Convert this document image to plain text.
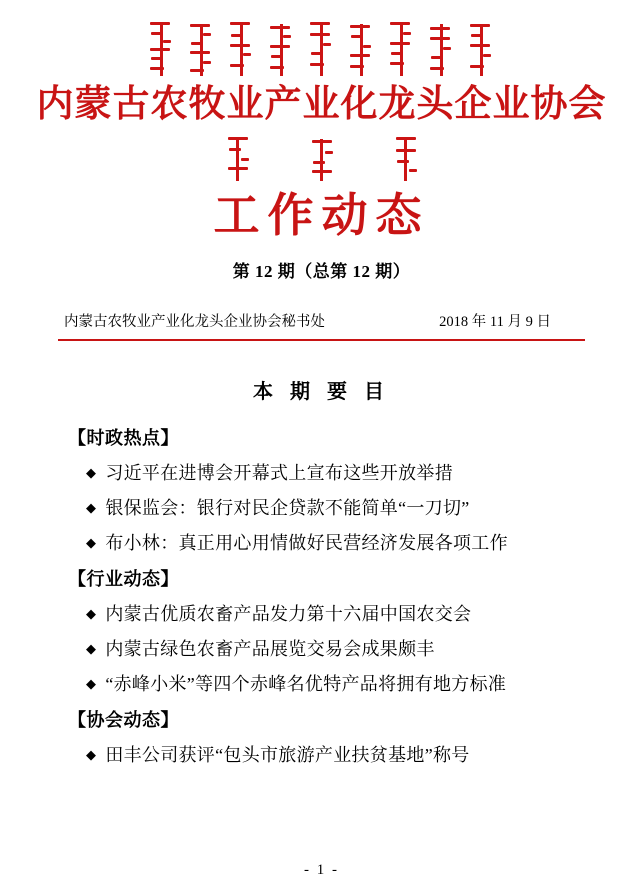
内蒙古农牧业产业化龙头企业协会
工作动态
第 12 期（总第 12 期）
内蒙古农牧业产业化龙头企业协会秘书处	2018 年 11 月 9 日
本 期 要 目
【时政热点】
◆ 习近平在进博会开幕式上宣布这些开放举措
◆ 银保监会：银行对民企贷款不能简单“一刀切”
◆ 布小林：真正用心用情做好民营经济发展各项工作
【行业动态】
◆ 内蒙古优质农畜产品发力第十六届中国农交会
◆ 内蒙古绿色农畜产品展览交易会成果颇丰
◆ “赤峰小米”等四个赤峰名优特产品将拥有地方标准
【协会动态】
◆ 田丰公司获评“包头市旅游产业扶贫基地”称号
- 1 -
